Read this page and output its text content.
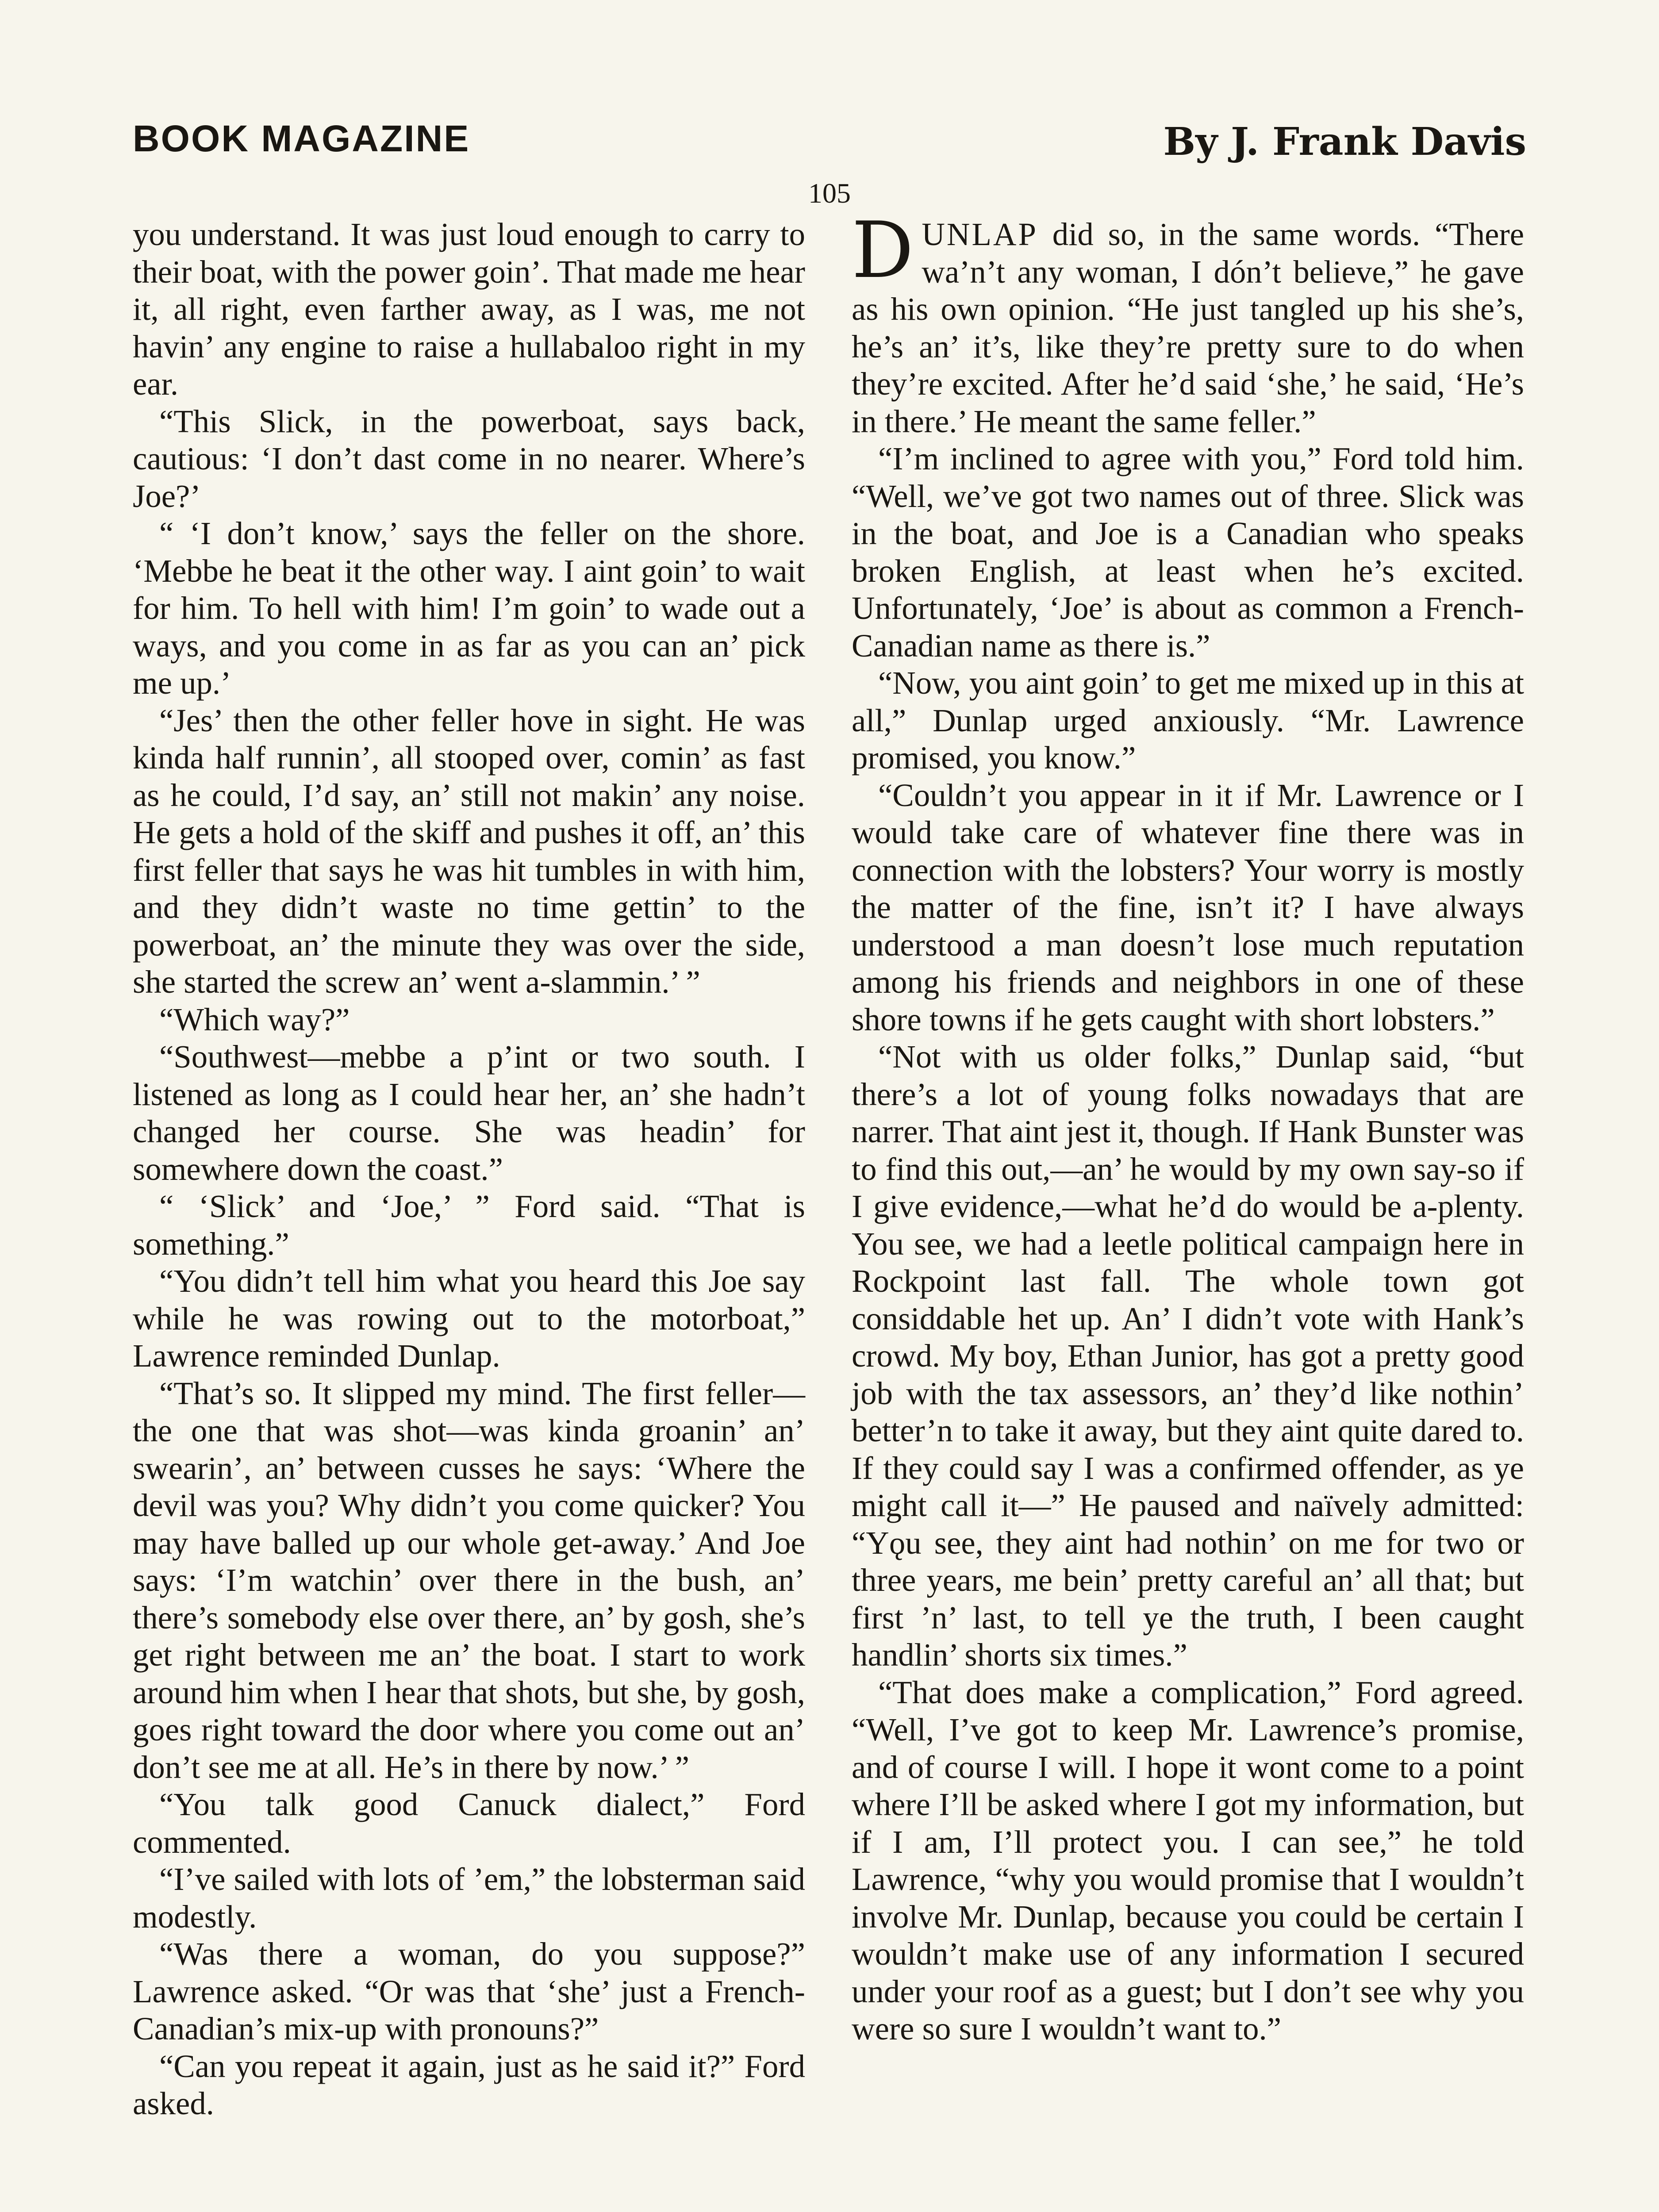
BOOK MAGAZINE	By J. Frank Davis
105

you understand. It was just loud enough to carry to their boat, with the power goin’. That made me hear it, all right, even farther away, as I was, me not havin’ any engine to raise a hullabaloo right in my ear.

“This Slick, in the powerboat, says back, cautious: ‘I don’t dast come in no nearer. Where’s Joe?’

“ ‘I don’t know,’ says the feller on the shore. ‘Mebbe he beat it the other way. I aint goin’ to wait for him. To hell with him! I’m goin’ to wade out a ways, and you come in as far as you can an’ pick me up.’

“Jes’ then the other feller hove in sight. He was kinda half runnin’, all stooped over, comin’ as fast as he could, I’d say, an’ still not makin’ any noise. He gets a hold of the skiff and pushes it off, an’ this first feller that says he was hit tumbles in with him, and they didn’t waste no time gettin’ to the powerboat, an’ the minute they was over the side, she started the screw an’ went a-slammin.’ ”

“Which way?”

“Southwest—mebbe a p’int or two south. I listened as long as I could hear her, an’ she hadn’t changed her course. She was headin’ for somewhere down the coast.”

“ ‘Slick’ and ‘Joe,’ ” Ford said. “That is something.”

“You didn’t tell him what you heard this Joe say while he was rowing out to the motorboat,” Lawrence reminded Dunlap.

“That’s so. It slipped my mind. The first feller—the one that was shot—was kinda groanin’ an’ swearin’, an’ between cusses he says: ‘Where the devil was you? Why didn’t you come quicker? You may have balled up our whole get-away.’ And Joe says: ‘I’m watchin’ over there in the bush, an’ there’s somebody else over there, an’ by gosh, she’s get right between me an’ the boat. I start to work around him when I hear that shots, but she, by gosh, goes right toward the door where you come out an’ don’t see me at all. He’s in there by now.’ ”

“You talk good Canuck dialect,” Ford commented.

“I’ve sailed with lots of ’em,” the lobsterman said modestly.

“Was there a woman, do you suppose?” Lawrence asked. “Or was that ‘she’ just a French-Canadian’s mix-up with pronouns?”

“Can you repeat it again, just as he said it?” Ford asked.

DUNLAP did so, in the same words. “There wa’n’t any woman, I dón’t believe,” he gave as his own opinion. “He just tangled up his she’s, he’s an’ it’s, like they’re pretty sure to do when they’re excited. After he’d said ‘she,’ he said, ‘He’s in there.’ He meant the same feller.”

“I’m inclined to agree with you,” Ford told him. “Well, we’ve got two names out of three. Slick was in the boat, and Joe is a Canadian who speaks broken English, at least when he’s excited. Unfortunately, ‘Joe’ is about as common a French-Canadian name as there is.”

“Now, you aint goin’ to get me mixed up in this at all,” Dunlap urged anxiously. “Mr. Lawrence promised, you know.”

“Couldn’t you appear in it if Mr. Lawrence or I would take care of whatever fine there was in connection with the lobsters? Your worry is mostly the matter of the fine, isn’t it? I have always understood a man doesn’t lose much reputation among his friends and neighbors in one of these shore towns if he gets caught with short lobsters.”

“Not with us older folks,” Dunlap said, “but there’s a lot of young folks nowadays that are narrer. That aint jest it, though. If Hank Bunster was to find this out,—an’ he would by my own say-so if I give evidence,—what he’d do would be a-plenty. You see, we had a leetle political campaign here in Rockpoint last fall. The whole town got considdable het up. An’ I didn’t vote with Hank’s crowd. My boy, Ethan Junior, has got a pretty good job with the tax assessors, an’ they’d like nothin’ better’n to take it away, but they aint quite dared to. If they could say I was a confirmed offender, as ye might call it—” He paused and naïvely admitted: “Yǫu see, they aint had nothin’ on me for two or three years, me bein’ pretty careful an’ all that; but first ’n’ last, to tell ye the truth, I been caught handlin’ shorts six times.”

“That does make a complication,” Ford agreed. “Well, I’ve got to keep Mr. Lawrence’s promise, and of course I will. I hope it wont come to a point where I’ll be asked where I got my information, but if I am, I’ll protect you. I can see,” he told Lawrence, “why you would promise that I wouldn’t involve Mr. Dunlap, because you could be certain I wouldn’t make use of any information I secured under your roof as a guest; but I don’t see why you were so sure I wouldn’t want to.”
